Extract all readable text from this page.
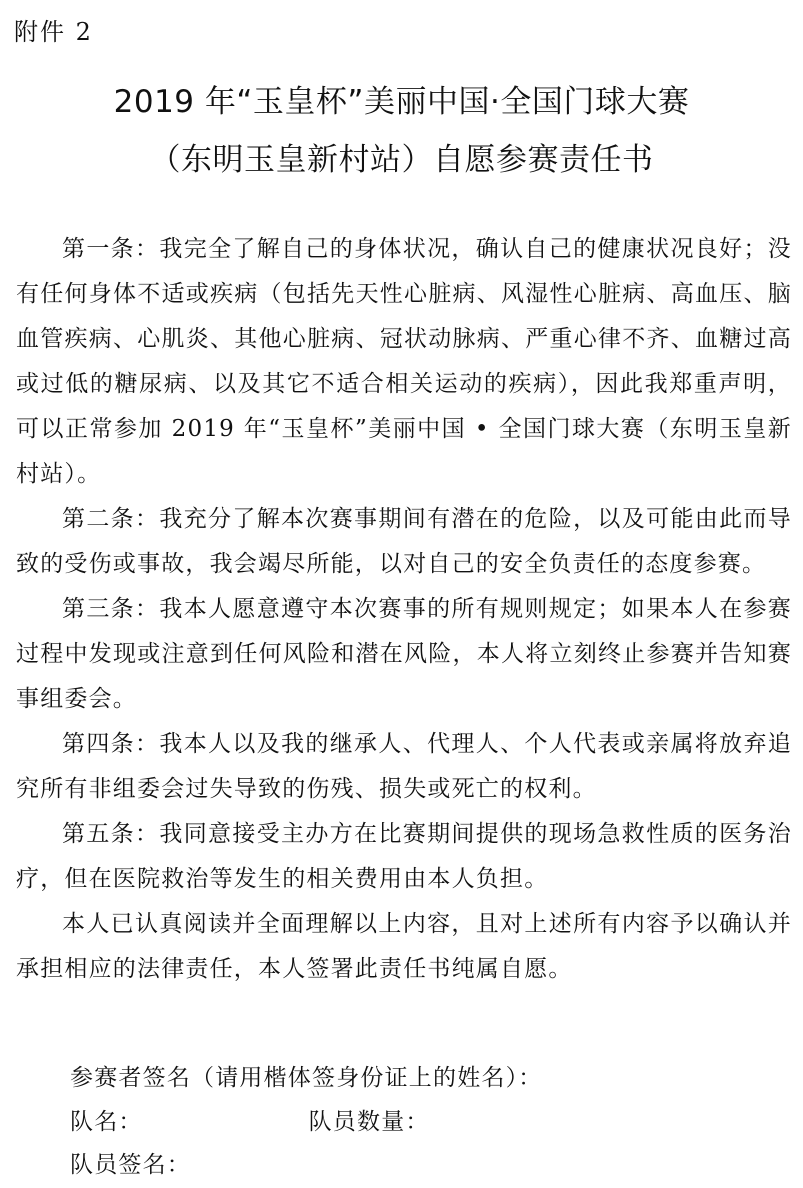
附件 2
2019 年“玉皇杯”美丽中国·全国门球大赛
（东明玉皇新村站）自愿参赛责任书

第一条：我完全了解自己的身体状况，确认自己的健康状况良好；没有任何身体不适或疾病（包括先天性心脏病、风湿性心脏病、高血压、脑血管疾病、心肌炎、其他心脏病、冠状动脉病、严重心律不齐、血糖过高或过低的糖尿病、以及其它不适合相关运动的疾病），因此我郑重声明，可以正常参加 2019 年“玉皇杯”美丽中国 • 全国门球大赛（东明玉皇新村站）。

第二条：我充分了解本次赛事期间有潜在的危险，以及可能由此而导致的受伤或事故，我会竭尽所能，以对自己的安全负责任的态度参赛。

第三条：我本人愿意遵守本次赛事的所有规则规定；如果本人在参赛过程中发现或注意到任何风险和潜在风险，本人将立刻终止参赛并告知赛事组委会。

第四条：我本人以及我的继承人、代理人、个人代表或亲属将放弃追究所有非组委会过失导致的伤残、损失或死亡的权利。

第五条：我同意接受主办方在比赛期间提供的现场急救性质的医务治疗，但在医院救治等发生的相关费用由本人负担。

本人已认真阅读并全面理解以上内容，且对上述所有内容予以确认并承担相应的法律责任，本人签署此责任书纯属自愿。

参赛者签名（请用楷体签身份证上的姓名）：
队名：	队员数量：
队员签名：
